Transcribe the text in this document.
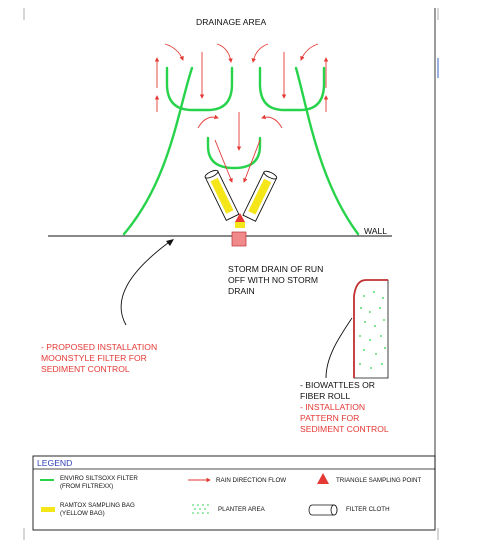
DRAINAGE AREA
WALL
STORM DRAIN OF RUN
OFF WITH NO STORM
DRAIN
- PROPOSED INSTALLATION
MOONSTYLE FILTER FOR
SEDIMENT CONTROL
- BIOWATTLES OR
FIBER ROLL
- INSTALLATION
PATTERN FOR
SEDIMENT CONTROL
LEGEND
ENVIRO SILTSOXX FILTER
(FROM FILTREXX)
RAIN DIRECTION FLOW	TRIANGLE SAMPLING POINT
RAMTOX SAMPLING BAG
(YELLOW BAG)
PLANTER AREA	FILTER CLOTH
